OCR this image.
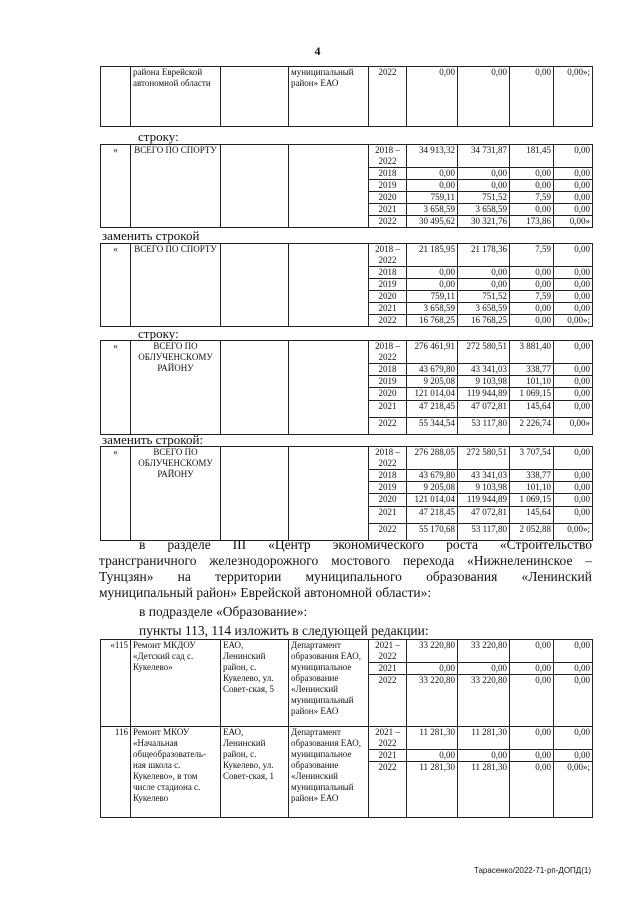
4
	района Еврейской автономной области		муниципальный район» ЕАО	2022	0,00	0,00	0,00	0,00»;
строку:
«	ВСЕГО ПО СПОРТУ			2018 – 2022	34 913,32	34 731,87	181,45	0,00
				2018	0,00	0,00	0,00	0,00
				2019	0,00	0,00	0,00	0,00
				2020	759,11	751,52	7,59	0,00
				2021	3 658,59	3 658,59	0,00	0,00
				2022	30 495,62	30 321,76	173,86	0,00»
заменить строкой
«	ВСЕГО ПО СПОРТУ			2018 – 2022	21 185,95	21 178,36	7,59	0,00
				2018	0,00	0,00	0,00	0,00
				2019	0,00	0,00	0,00	0,00
				2020	759,11	751,52	7,59	0,00
				2021	3 658,59	3 658,59	0,00	0,00
				2022	16 768,25	16 768,25	0,00	0,00»;
строку:
«	ВСЕГО ПО ОБЛУЧЕНСКОМУ РАЙОНУ			2018 – 2022	276 461,91	272 580,51	3 881,40	0,00
				2018	43 679,80	43 341,03	338,77	0,00
				2019	9 205,08	9 103,98	101,10	0,00
				2020	121 014,04	119 944,89	1 069,15	0,00
				2021	47 218,45	47 072,81	145,64	0,00
				2022	55 344,54	53 117,80	2 226,74	0,00»
заменить строкой:
«	ВСЕГО ПО ОБЛУЧЕНСКОМУ РАЙОНУ			2018 – 2022	276 288,05	272 580,51	3 707,54	0,00
				2018	43 679,80	43 341,03	338,77	0,00
				2019	9 205,08	9 103,98	101,10	0,00
				2020	121 014,04	119 944,89	1 069,15	0,00
				2021	47 218,45	47 072,81	145,64	0,00
				2022	55 170,68	53 117,80	2 052,88	0,00»;
в разделе III «Центр экономического роста «Строительство
трансграничного железнодорожного мостового перехода «Нижнеленинское –
Тунцзян» на территории муниципального образования «Ленинский
муниципальный район» Еврейской автономной области»:
в подразделе «Образование»:
пункты 113, 114 изложить в следующей редакции:
«115	Ремонт МКДОУ «Детский сад с. Кукелево»	ЕАО, Ленинский район, с. Кукелево, ул. Совет-ская, 5	Департамент образования ЕАО, муниципальное образование «Ленинский муниципальный район» ЕАО	2021 – 2022	33 220,80	33 220,80	0,00	0,00
				2021	0,00	0,00	0,00	0,00
				2022	33 220,80	33 220,80	0,00	0,00
116	Ремонт МКОУ «Начальная общеобразователь-ная школа с. Кукелево», в том числе стадиона с. Кукелево	ЕАО, Ленинский район, с. Кукелево, ул. Совет-ская, 1	Департамент образования ЕАО, муниципальное образование «Ленинский муниципальный район» ЕАО	2021 – 2022	11 281,30	11 281,30	0,00	0,00
				2021	0,00	0,00	0,00	0,00
				2022	11 281,30	11 281,30	0,00	0,00»;
Тарасенко/2022-71-рп-ДОПД(1)
